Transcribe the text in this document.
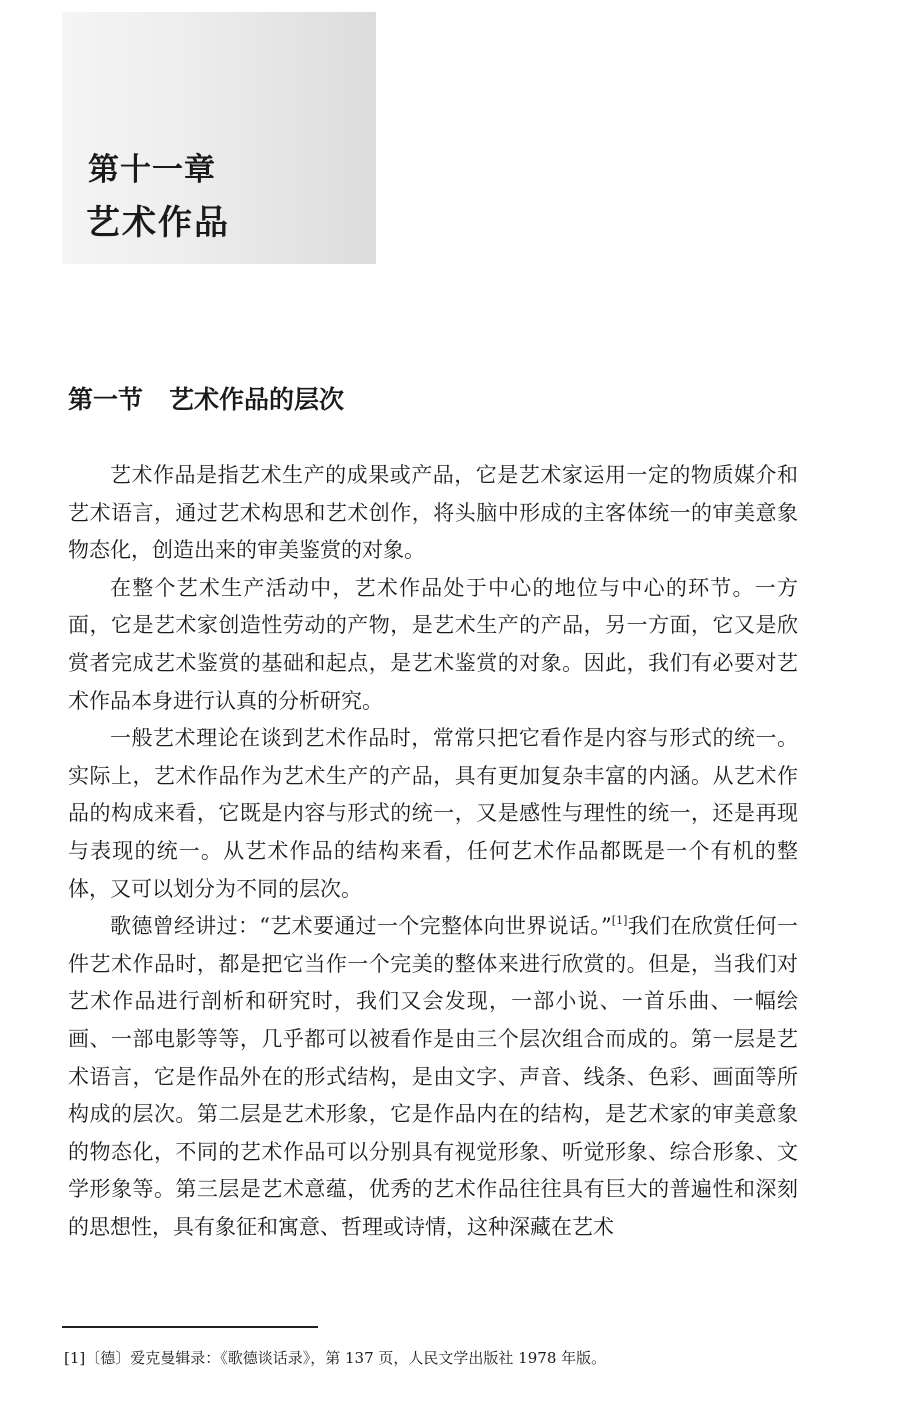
第十一章
艺术作品
第一节 艺术作品的层次

艺术作品是指艺术生产的成果或产品，它是艺术家运用一定的物质媒介和艺术语言，通过艺术构思和艺术创作，将头脑中形成的主客体统一的审美意象物态化，创造出来的审美鉴赏的对象。

在整个艺术生产活动中，艺术作品处于中心的地位与中心的环节。一方面，它是艺术家创造性劳动的产物，是艺术生产的产品，另一方面，它又是欣赏者完成艺术鉴赏的基础和起点，是艺术鉴赏的对象。因此，我们有必要对艺术作品本身进行认真的分析研究。

一般艺术理论在谈到艺术作品时，常常只把它看作是内容与形式的统一。实际上，艺术作品作为艺术生产的产品，具有更加复杂丰富的内涵。从艺术作品的构成来看，它既是内容与形式的统一，又是感性与理性的统一，还是再现与表现的统一。从艺术作品的结构来看，任何艺术作品都既是一个有机的整体，又可以划分为不同的层次。

歌德曾经讲过：“艺术要通过一个完整体向世界说话。”[1]我们在欣赏任何一件艺术作品时，都是把它当作一个完美的整体来进行欣赏的。但是，当我们对艺术作品进行剖析和研究时，我们又会发现，一部小说、一首乐曲、一幅绘画、一部电影等等，几乎都可以被看作是由三个层次组合而成的。第一层是艺术语言，它是作品外在的形式结构，是由文字、声音、线条、色彩、画面等所构成的层次。第二层是艺术形象，它是作品内在的结构，是艺术家的审美意象的物态化，不同的艺术作品可以分别具有视觉形象、听觉形象、综合形象、文学形象等。第三层是艺术意蕴，优秀的艺术作品往往具有巨大的普遍性和深刻的思想性，具有象征和寓意、哲理或诗情，这种深藏在艺术

[1]〔德〕爱克曼辑录：《歌德谈话录》，第 137 页，人民文学出版社 1978 年版。
